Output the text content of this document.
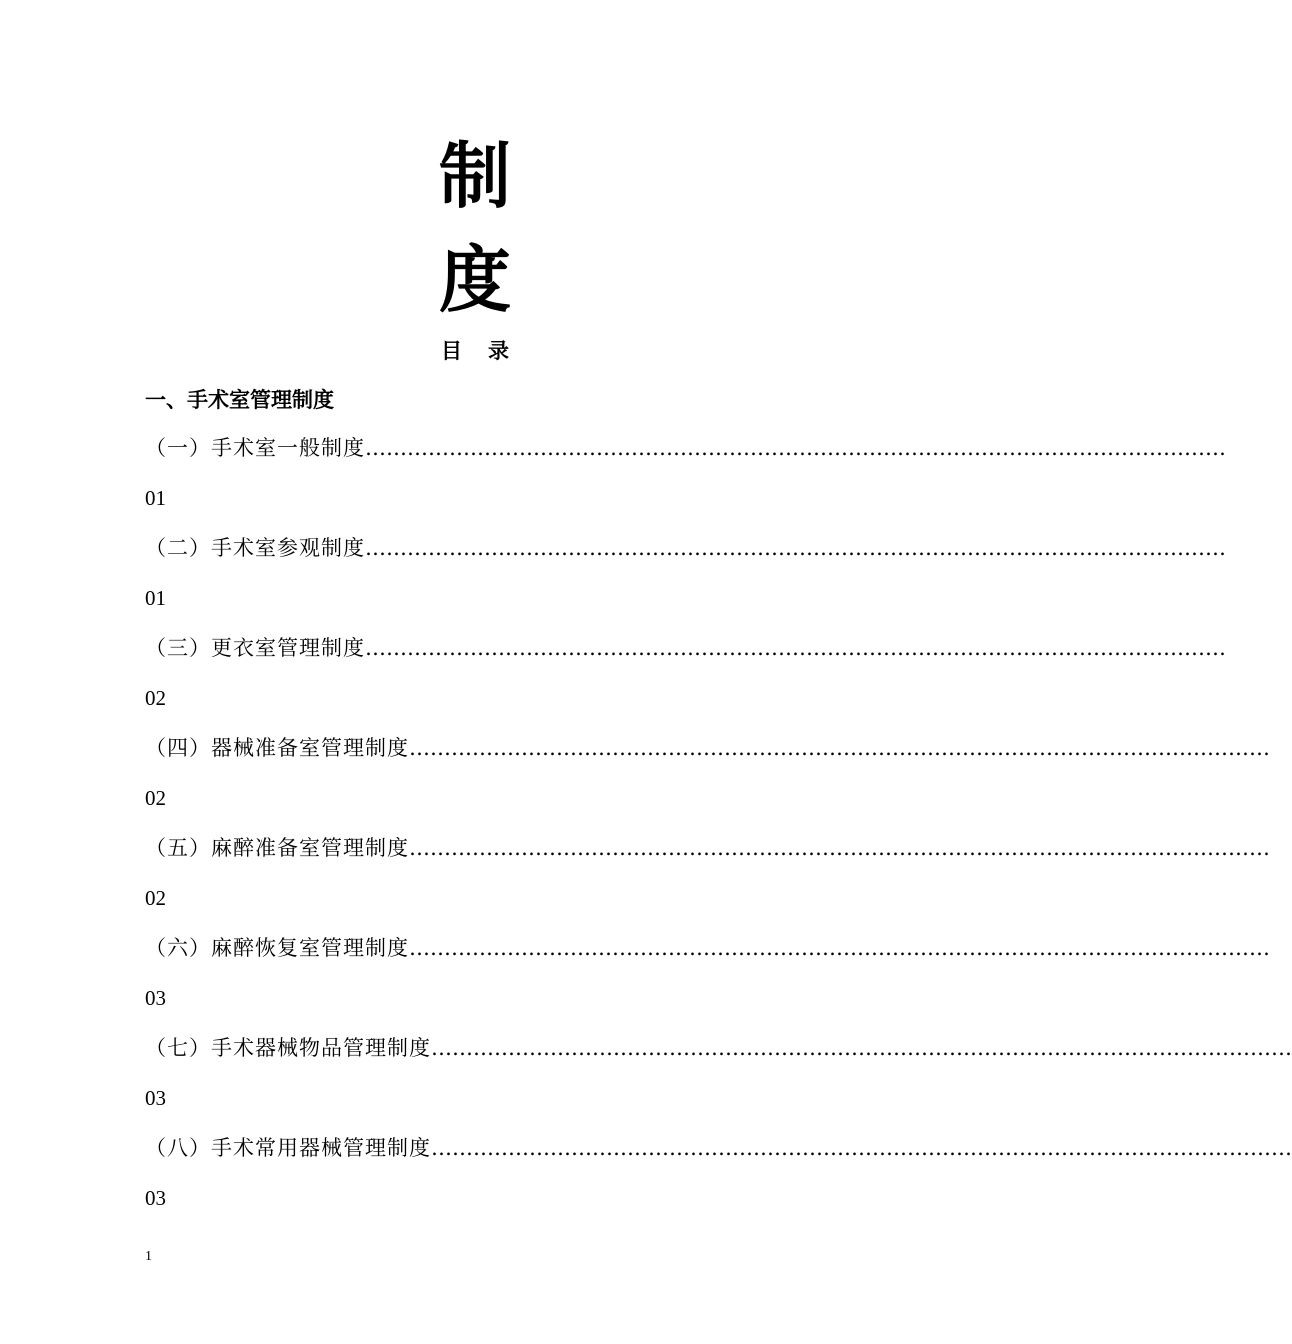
制
度
目录
一、手术室管理制度
（一）手术室一般制度 ……………………………………………………………………………………………………………
01
（二）手术室参观制度 ……………………………………………………………………………………………………………
01
（三）更衣室管理制度 ……………………………………………………………………………………………………………
02
（四）器械准备室管理制度 ……………………………………………………………………………………………………………
02
（五）麻醉准备室管理制度 ……………………………………………………………………………………………………………
02
（六）麻醉恢复室管理制度 ……………………………………………………………………………………………………………
03
（七）手术器械物品管理制度 ……………………………………………………………………………………………………………
03
（八）手术常用器械管理制度 ……………………………………………………………………………………………………………
03
1
